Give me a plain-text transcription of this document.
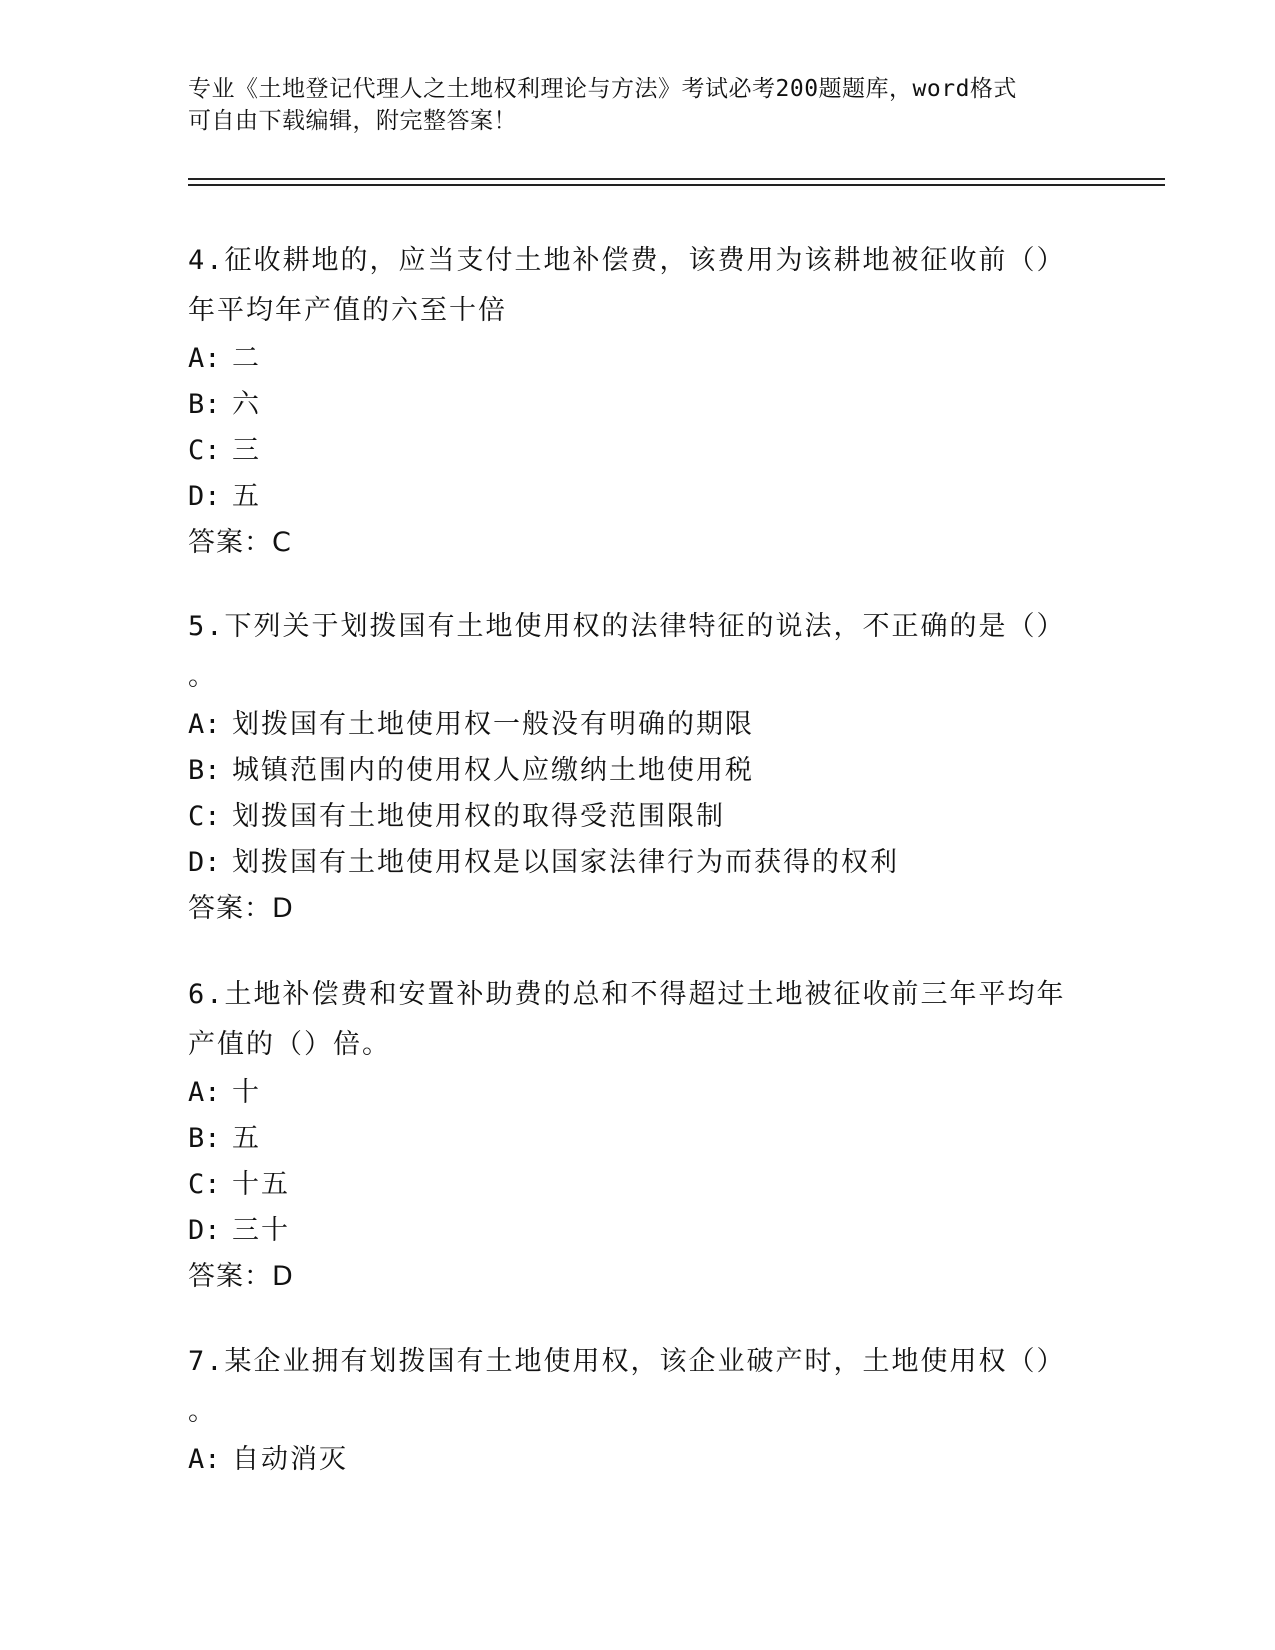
专业《土地登记代理人之土地权利理论与方法》考试必考200题题库，word格式
可自由下载编辑，附完整答案！

4.征收耕地的，应当支付土地补偿费，该费用为该耕地被征收前（）

年平均年产值的六至十倍

A: 二

B: 六

C: 三

D: 五

答案：C

5.下列关于划拨国有土地使用权的法律特征的说法，不正确的是（）

。

A: 划拨国有土地使用权一般没有明确的期限

B: 城镇范围内的使用权人应缴纳土地使用税

C: 划拨国有土地使用权的取得受范围限制

D: 划拨国有土地使用权是以国家法律行为而获得的权利

答案：D

6.土地补偿费和安置补助费的总和不得超过土地被征收前三年平均年

产值的（）倍。

A: 十

B: 五

C: 十五

D: 三十

答案：D

7.某企业拥有划拨国有土地使用权，该企业破产时，土地使用权（）

。

A: 自动消灭
